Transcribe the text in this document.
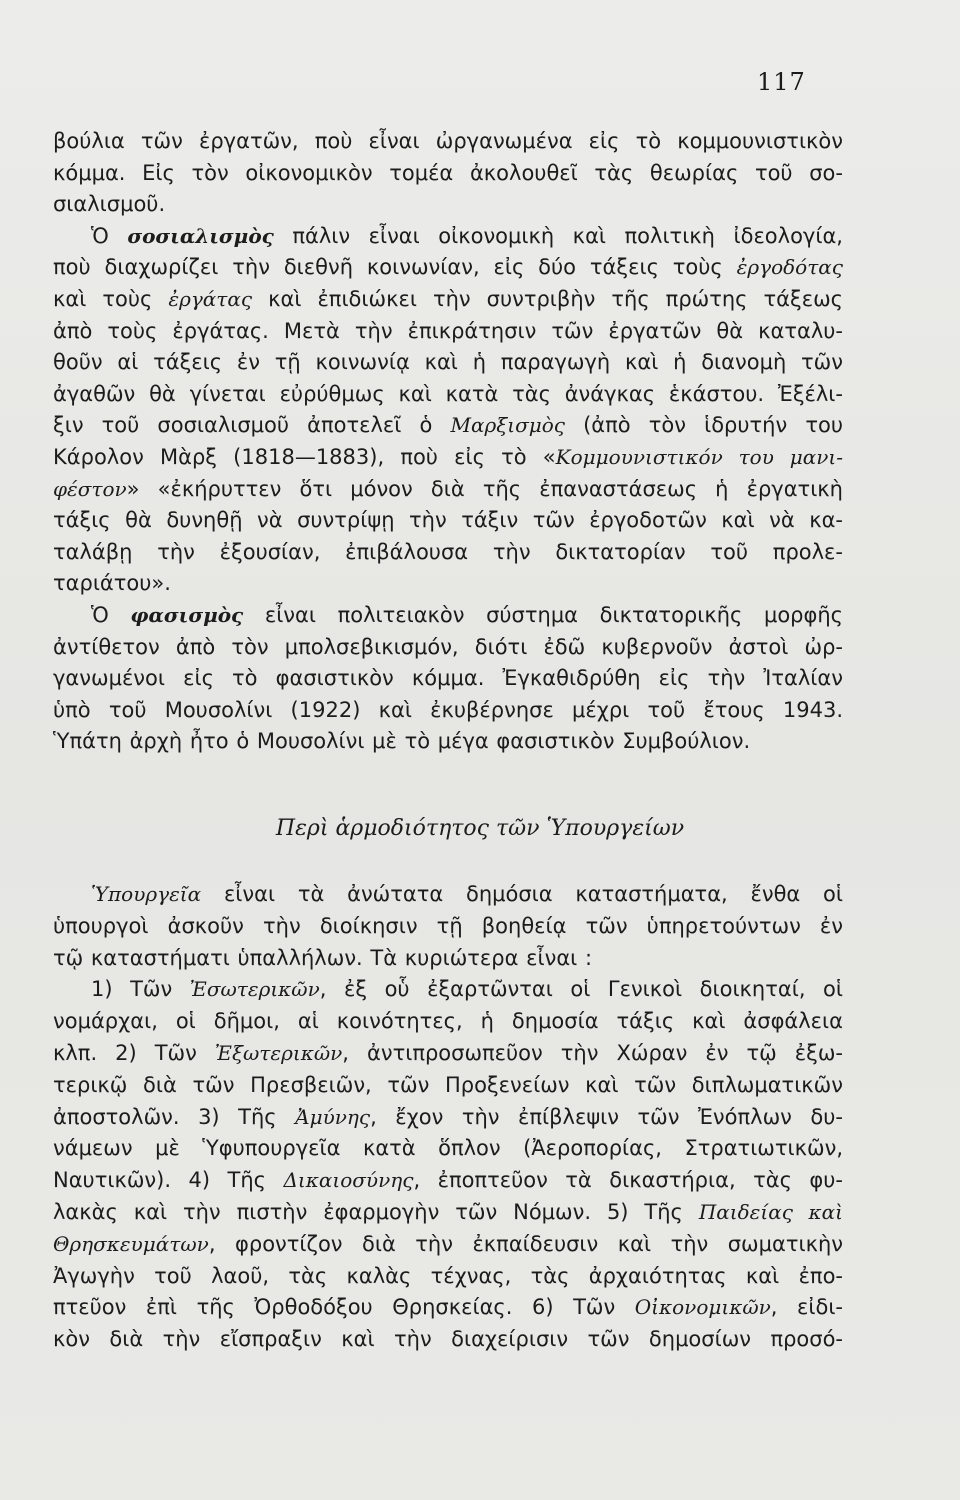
117
βούλια τῶν ἐργατῶν, ποὺ εἶναι ὠργανωμένα εἰς τὸ κομμουνιστικὸν
κόμμα. Εἰς τὸν οἰκονομικὸν τομέα ἀκολουθεῖ τὰς θεωρίας τοῦ σο-
σιαλισμοῦ.
Ὁ σοσιαλισμὸς πάλιν εἶναι οἰκονομικὴ καὶ πολιτικὴ ἰδεολογία,
ποὺ διαχωρίζει τὴν διεθνῆ κοινωνίαν, εἰς δύο τάξεις τοὺς ἐργοδότας
καὶ τοὺς ἐργάτας καὶ ἐπιδιώκει τὴν συντριβὴν τῆς πρώτης τάξεως
ἀπὸ τοὺς ἐργάτας. Μετὰ τὴν ἐπικράτησιν τῶν ἐργατῶν θὰ καταλυ-
θοῦν αἱ τάξεις ἐν τῇ κοινωνίᾳ καὶ ἡ παραγωγὴ καὶ ἡ διανομὴ τῶν
ἀγαθῶν θὰ γίνεται εὐρύθμως καὶ κατὰ τὰς ἀνάγκας ἑκάστου. Ἐξέλι-
ξιν τοῦ σοσιαλισμοῦ ἀποτελεῖ ὁ Μαρξισμὸς (ἀπὸ τὸν ἱδρυτήν του
Κάρολον Μὰρξ (1818—1883), ποὺ εἰς τὸ «Κομμουνιστικόν του μανι-
φέστον» «ἐκήρυττεν ὅτι μόνον διὰ τῆς ἐπαναστάσεως ἡ ἐργατικὴ
τάξις θὰ δυνηθῇ νὰ συντρίψῃ τὴν τάξιν τῶν ἐργοδοτῶν καὶ νὰ κα-
ταλάβῃ τὴν ἐξουσίαν, ἐπιβάλουσα τὴν δικτατορίαν τοῦ προλε-
ταριάτου».
Ὁ φασισμὸς εἶναι πολιτειακὸν σύστημα δικτατορικῆς μορφῆς
ἀντίθετον ἀπὸ τὸν μπολσεβικισμόν, διότι ἐδῶ κυβερνοῦν ἀστοὶ ὠρ-
γανωμένοι εἰς τὸ φασιστικὸν κόμμα. Ἐγκαθιδρύθη εἰς τὴν Ἰταλίαν
ὑπὸ τοῦ Μουσολίνι (1922) καὶ ἐκυβέρνησε μέχρι τοῦ ἔτους 1943.
Ὑπάτη ἀρχὴ ἦτο ὁ Μουσολίνι μὲ τὸ μέγα φασιστικὸν Συμβούλιον.
Περὶ ἁρμοδιότητος τῶν Ὑπουργείων
Ὑπουργεῖα εἶναι τὰ ἀνώτατα δημόσια καταστήματα, ἔνθα οἱ
ὑπουργοὶ ἀσκοῦν τὴν διοίκησιν τῇ βοηθείᾳ τῶν ὑπηρετούντων ἐν
τῷ καταστήματι ὑπαλλήλων. Τὰ κυριώτερα εἶναι :
1) Τῶν Ἐσωτερικῶν, ἐξ οὗ ἐξαρτῶνται οἱ Γενικοὶ διοικηταί, οἱ
νομάρχαι, οἱ δῆμοι, αἱ κοινότητες, ἡ δημοσία τάξις καὶ ἀσφάλεια
κλπ. 2) Τῶν Ἐξωτερικῶν, ἀντιπροσωπεῦον τὴν Χώραν ἐν τῷ ἐξω-
τερικῷ διὰ τῶν Πρεσβειῶν, τῶν Προξενείων καὶ τῶν διπλωματικῶν
ἀποστολῶν. 3) Τῆς Ἀμύνης, ἔχον τὴν ἐπίβλεψιν τῶν Ἐνόπλων δυ-
νάμεων μὲ Ὑφυπουργεῖα κατὰ ὅπλον (Ἀεροπορίας, Στρατιωτικῶν,
Ναυτικῶν). 4) Τῆς Δικαιοσύνης, ἐποπτεῦον τὰ δικαστήρια, τὰς φυ-
λακὰς καὶ τὴν πιστὴν ἐφαρμογὴν τῶν Νόμων. 5) Τῆς Παιδείας καὶ
Θρησκευμάτων, φροντίζον διὰ τὴν ἐκπαίδευσιν καὶ τὴν σωματικὴν
Ἀγωγὴν τοῦ λαοῦ, τὰς καλὰς τέχνας, τὰς ἀρχαιότητας καὶ ἐπο-
πτεῦον ἐπὶ τῆς Ὀρθοδόξου Θρησκείας. 6) Τῶν Οἰκονομικῶν, εἰδι-
κὸν διὰ τὴν εἴσπραξιν καὶ τὴν διαχείρισιν τῶν δημοσίων προσό-
